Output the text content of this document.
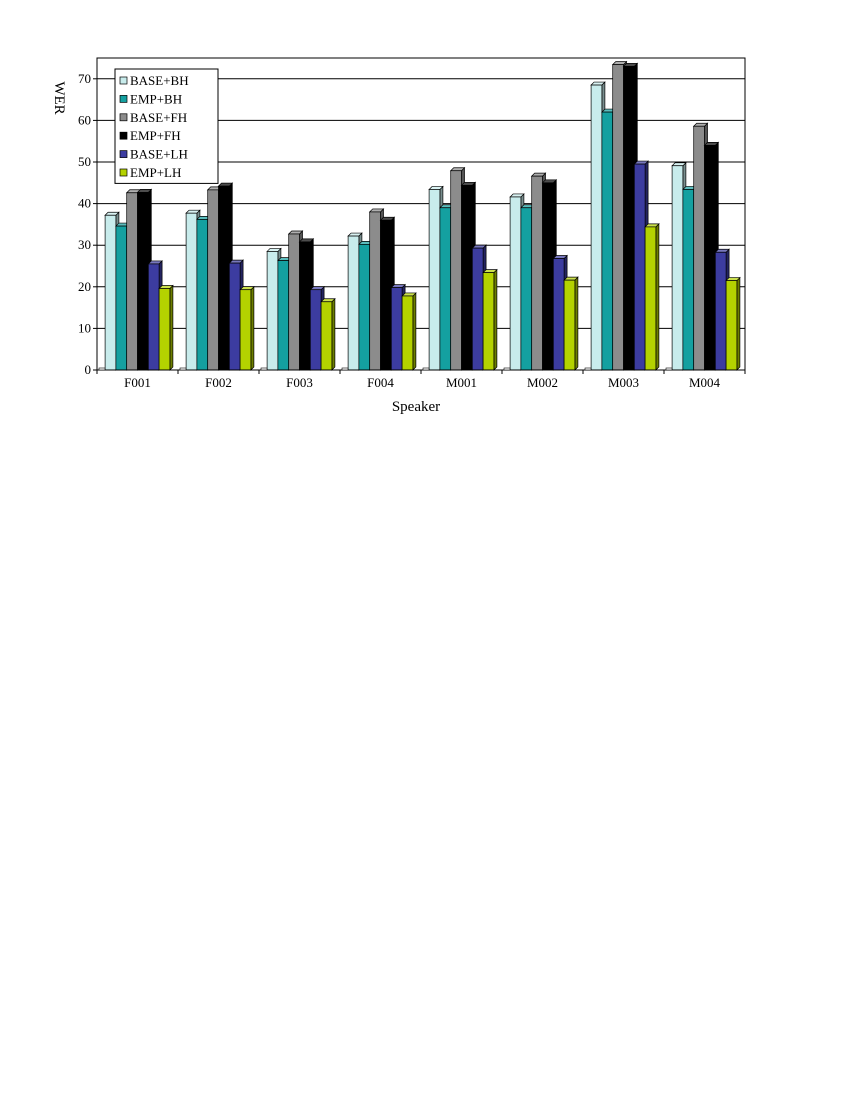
0
10
20
30
40
50
60
70
F001	F002	F003	F004	M001	M002	M003	M004
Speaker
WER
BASE+BH
EMP+BH
BASE+FH
EMP+FH
BASE+LH
EMP+LH
